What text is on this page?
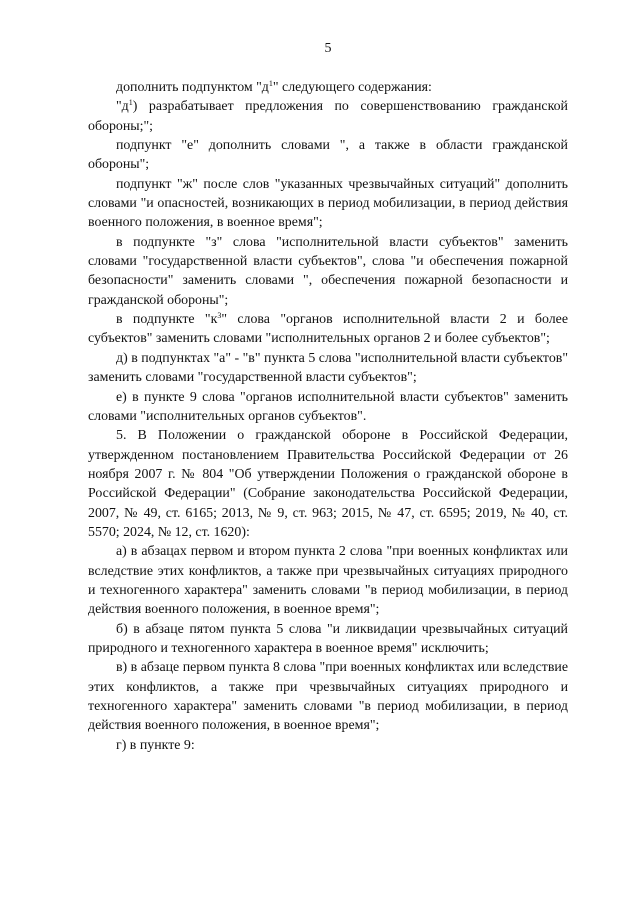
5

дополнить подпунктом "$д^1$" следующего содержания:

"$д^1$) разрабатывает предложения по совершенствованию гражданской обороны;";

подпункт "е" дополнить словами ", а также в области гражданской обороны";

подпункт "ж" после слов "указанных чрезвычайных ситуаций" дополнить словами "и опасностей, возникающих в период мобилизации, в период действия военного положения, в военное время";

в подпункте "з" слова "исполнительной власти субъектов" заменить словами "государственной власти субъектов", слова "и обеспечения пожарной безопасности" заменить словами ", обеспечения пожарной безопасности и гражданской обороны";

в подпункте "$к^3$" слова "органов исполнительной власти 2 и более субъектов" заменить словами "исполнительных органов 2 и более субъектов";

д) в подпунктах "а" - "в" пункта 5 слова "исполнительной власти субъектов" заменить словами "государственной власти субъектов";

е) в пункте 9 слова "органов исполнительной власти субъектов" заменить словами "исполнительных органов субъектов".

5. В Положении о гражданской обороне в Российской Федерации, утвержденном постановлением Правительства Российской Федерации от 26 ноября 2007 г. № 804 "Об утверждении Положения о гражданской обороне в Российской Федерации" (Собрание законодательства Российской Федерации, 2007, № 49, ст. 6165; 2013, № 9, ст. 963; 2015, № 47, ст. 6595; 2019, № 40, ст. 5570; 2024, № 12, ст. 1620):

а) в абзацах первом и втором пункта 2 слова "при военных конфликтах или вследствие этих конфликтов, а также при чрезвычайных ситуациях природного и техногенного характера" заменить словами "в период мобилизации, в период действия военного положения, в военное время";

б) в абзаце пятом пункта 5 слова "и ликвидации чрезвычайных ситуаций природного и техногенного характера в военное время" исключить;

в) в абзаце первом пункта 8 слова "при военных конфликтах или вследствие этих конфликтов, а также при чрезвычайных ситуациях природного и техногенного характера" заменить словами "в период мобилизации, в период действия военного положения, в военное время";

г) в пункте 9:
